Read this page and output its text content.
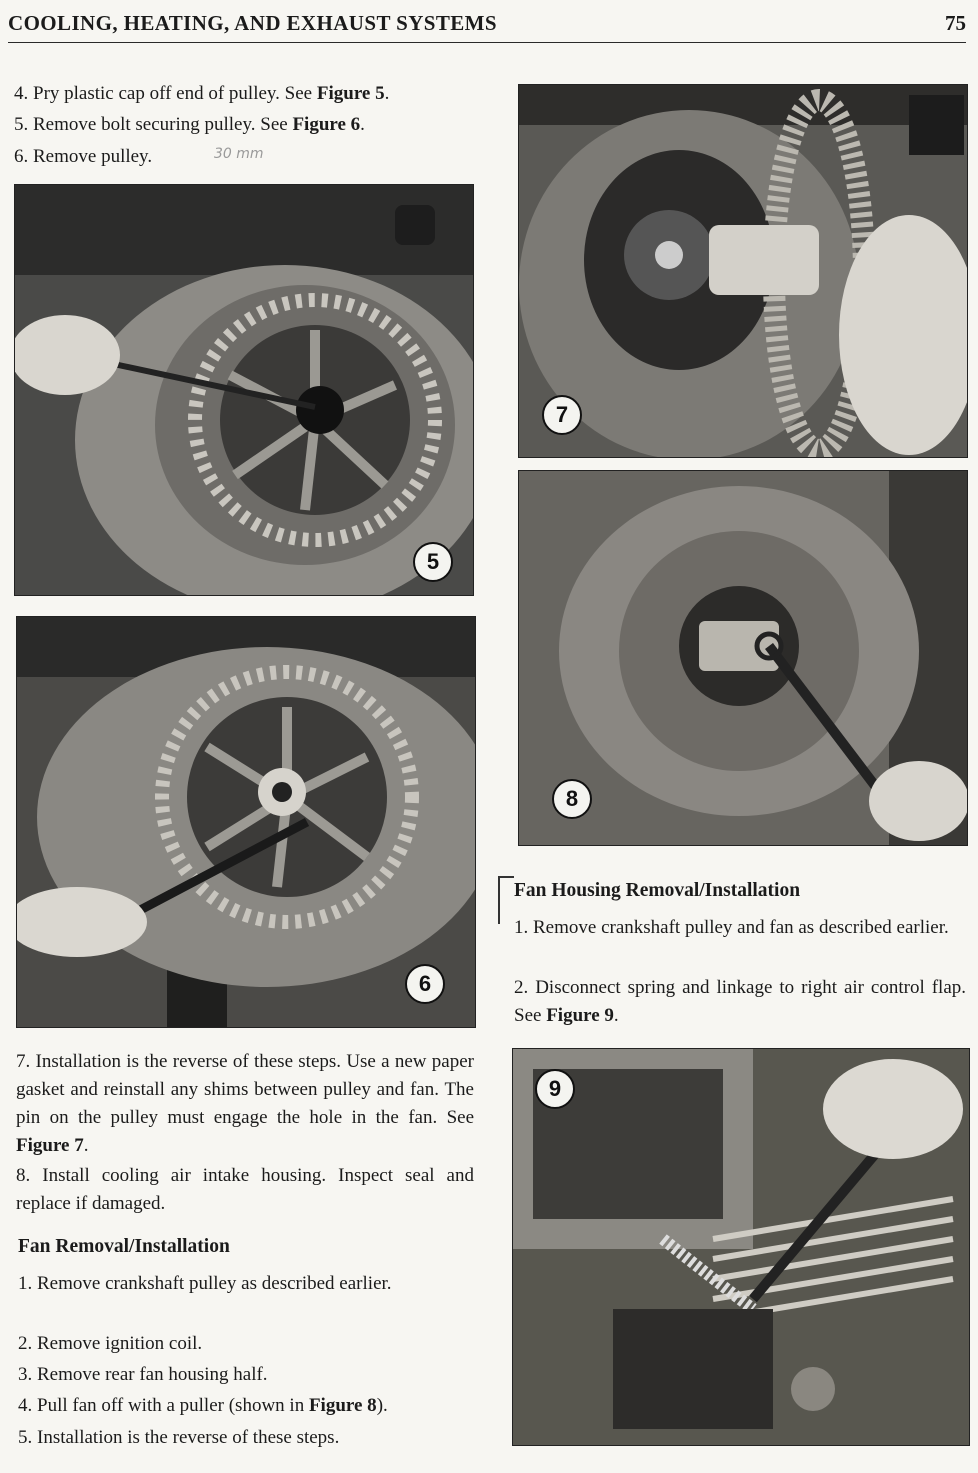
COOLING, HEATING, AND EXHAUST SYSTEMS	75
4. Pry plastic cap off end of pulley. See Figure 5.
5. Remove bolt securing pulley. See Figure 6.
6. Remove pulley.	30 mm
5
6
7. Installation is the reverse of these steps. Use a new paper gasket and reinstall any shims between pulley and fan. The pin on the pulley must engage the hole in the fan. See Figure 7.
8. Install cooling air intake housing. Inspect seal and replace if damaged.
Fan Removal/Installation
1. Remove crankshaft pulley as described earlier.
2. Remove ignition coil.
3. Remove rear fan housing half.
4. Pull fan off with a puller (shown in Figure 8).
5. Installation is the reverse of these steps.
7
8
Fan Housing Removal/Installation
1. Remove crankshaft pulley and fan as described earlier.
2. Disconnect spring and linkage to right air control flap. See Figure 9.
9
